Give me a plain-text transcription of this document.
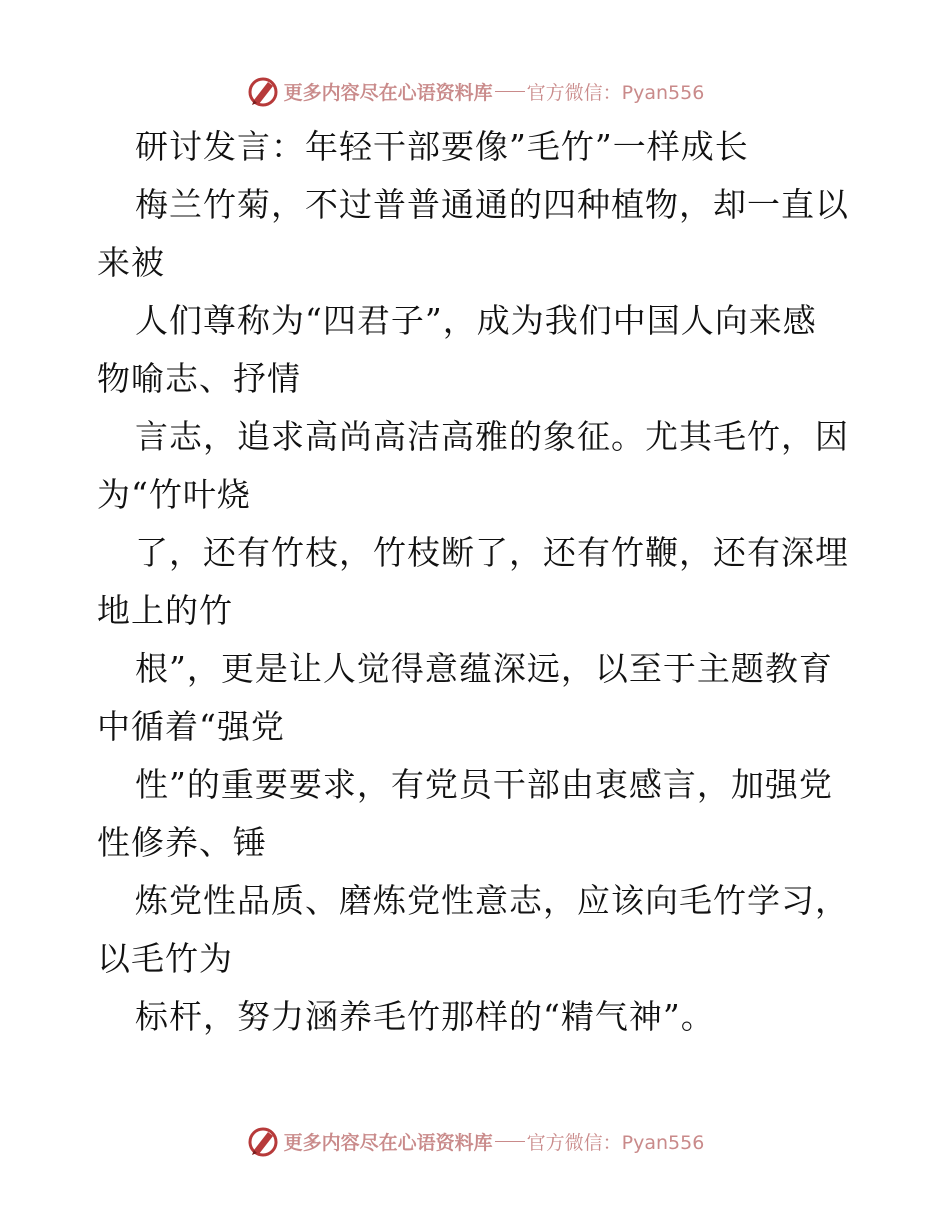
更多内容尽在心语资料库 官方微信：Pyan556
研讨发言：年轻干部要像”毛竹”一样成长
梅兰竹菊，不过普普通通的四种植物，却一直以
来被
人们尊称为“四君子”，成为我们中国人向来感
物喻志、抒情
言志，追求高尚高洁高雅的象征。尤其毛竹，因
为“竹叶烧
了，还有竹枝，竹枝断了，还有竹鞭，还有深埋
地上的竹
根”，更是让人觉得意蕴深远，以至于主题教育
中循着“强党
性”的重要要求，有党员干部由衷感言，加强党
性修养、锤
炼党性品质、磨炼党性意志，应该向毛竹学习，
以毛竹为
标杆，努力涵养毛竹那样的“精气神”。
更多内容尽在心语资料库 官方微信：Pyan556
